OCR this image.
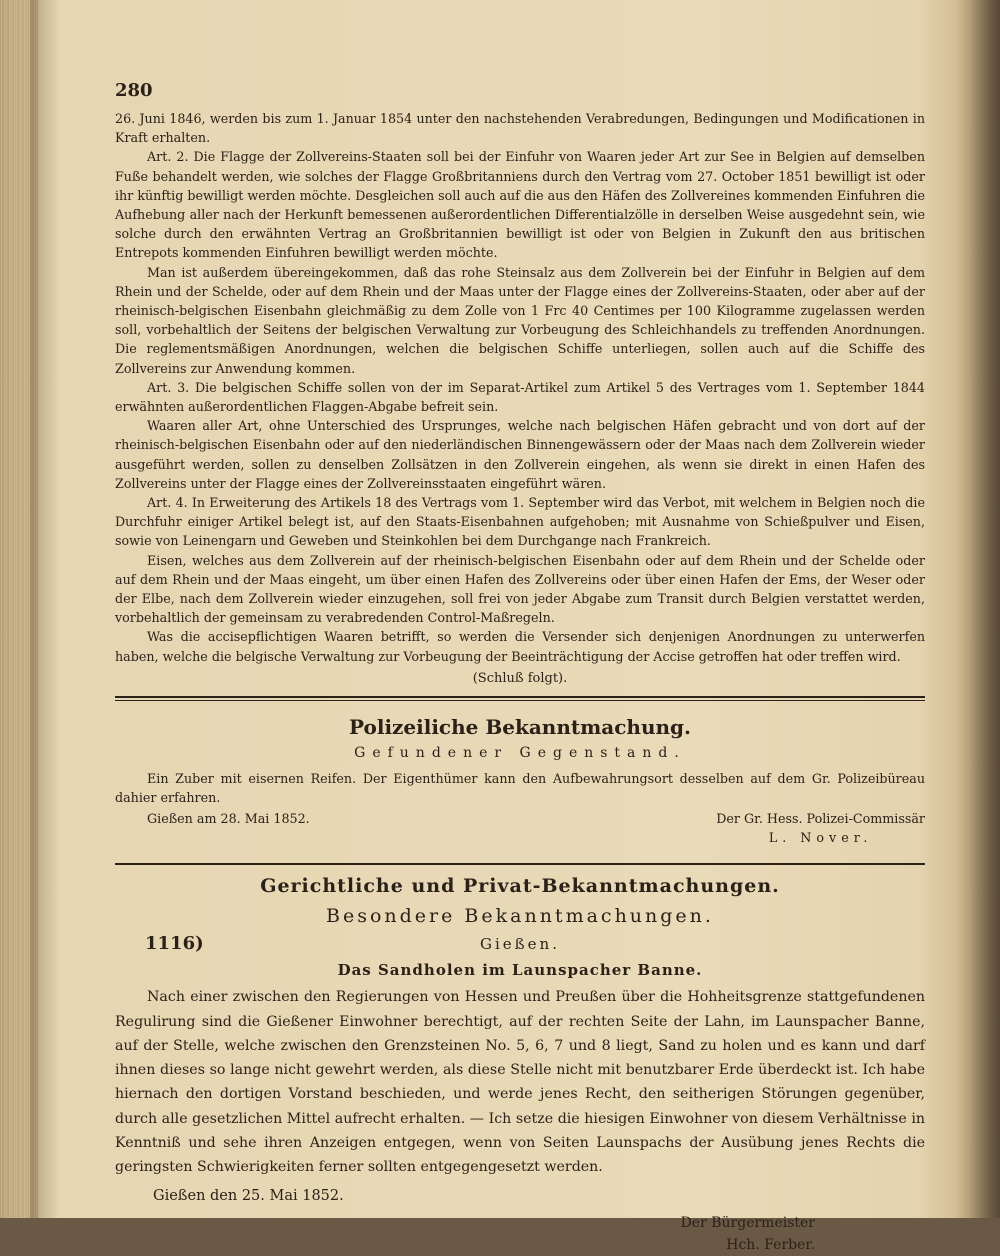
280

26. Juni 1846, werden bis zum 1. Januar 1854 unter den nachstehenden Verabredungen, Bedingungen und Modificationen in Kraft erhalten.

Art. 2. Die Flagge der Zollvereins-Staaten soll bei der Einfuhr von Waaren jeder Art zur See in Belgien auf demselben Fuße behandelt werden, wie solches der Flagge Großbritanniens durch den Vertrag vom 27. October 1851 bewilligt ist oder ihr künftig bewilligt werden möchte. Desgleichen soll auch auf die aus den Häfen des Zollvereines kommenden Einfuhren die Aufhebung aller nach der Herkunft bemessenen außerordentlichen Differentialzölle in derselben Weise ausgedehnt sein, wie solche durch den erwähnten Vertrag an Großbritannien bewilligt ist oder von Belgien in Zukunft den aus britischen Entrepots kommenden Einfuhren bewilligt werden möchte.

Man ist außerdem übereingekommen, daß das rohe Steinsalz aus dem Zollverein bei der Einfuhr in Belgien auf dem Rhein und der Schelde, oder auf dem Rhein und der Maas unter der Flagge eines der Zollvereins-Staaten, oder aber auf der rheinisch-belgischen Eisenbahn gleichmäßig zu dem Zolle von 1 Frc 40 Centimes per 100 Kilogramme zugelassen werden soll, vorbehaltlich der Seitens der belgischen Verwaltung zur Vorbeugung des Schleichhandels zu treffenden Anordnungen. Die reglementsmäßigen Anordnungen, welchen die belgischen Schiffe unterliegen, sollen auch auf die Schiffe des Zollvereins zur Anwendung kommen.

Art. 3. Die belgischen Schiffe sollen von der im Separat-Artikel zum Artikel 5 des Vertrages vom 1. September 1844 erwähnten außerordentlichen Flaggen-Abgabe befreit sein.

Waaren aller Art, ohne Unterschied des Ursprunges, welche nach belgischen Häfen gebracht und von dort auf der rheinisch-belgischen Eisenbahn oder auf den niederländischen Binnengewässern oder der Maas nach dem Zollverein wieder ausgeführt werden, sollen zu denselben Zollsätzen in den Zollverein eingehen, als wenn sie direkt in einen Hafen des Zollvereins unter der Flagge eines der Zollvereinsstaaten eingeführt wären.

Art. 4. In Erweiterung des Artikels 18 des Vertrags vom 1. September wird das Verbot, mit welchem in Belgien noch die Durchfuhr einiger Artikel belegt ist, auf den Staats-Eisenbahnen aufgehoben; mit Ausnahme von Schießpulver und Eisen, sowie von Leinengarn und Geweben und Steinkohlen bei dem Durchgange nach Frankreich.

Eisen, welches aus dem Zollverein auf der rheinisch-belgischen Eisenbahn oder auf dem Rhein und der Schelde oder auf dem Rhein und der Maas eingeht, um über einen Hafen des Zollvereins oder über einen Hafen der Ems, der Weser oder der Elbe, nach dem Zollverein wieder einzugehen, soll frei von jeder Abgabe zum Transit durch Belgien verstattet werden, vorbehaltlich der gemeinsam zu verabredenden Control-Maßregeln.

Was die accisepflichtigen Waaren betrifft, so werden die Versender sich denjenigen Anordnungen zu unterwerfen haben, welche die belgische Verwaltung zur Vorbeugung der Beeinträchtigung der Accise getroffen hat oder treffen wird.

(Schluß folgt).
Polizeiliche Bekanntmachung.
Gefundener Gegenstand.

Ein Zuber mit eisernen Reifen. Der Eigenthümer kann den Aufbewahrungsort desselben auf dem Gr. Polizeibüreau dahier erfahren.

Gießen am 28. Mai 1852.	Der Gr. Hess. Polizei-Commissär
L. Nover.
Gerichtliche und Privat-Bekanntmachungen.
Besondere Bekanntmachungen.
1116)	Gießen.
Das Sandholen im Launspacher Banne.

Nach einer zwischen den Regierungen von Hessen und Preußen über die Hohheitsgrenze stattgefundenen Regulirung sind die Gießener Einwohner berechtigt, auf der rechten Seite der Lahn, im Launspacher Banne, auf der Stelle, welche zwischen den Grenzsteinen No. 5, 6, 7 und 8 liegt, Sand zu holen und es kann und darf ihnen dieses so lange nicht gewehrt werden, als diese Stelle nicht mit benutzbarer Erde überdeckt ist. Ich habe hiernach den dortigen Vorstand beschieden, und werde jenes Recht, den seitherigen Störungen gegenüber, durch alle gesetzlichen Mittel aufrecht erhalten. — Ich setze die hiesigen Einwohner von diesem Verhältnisse in Kenntniß und sehe ihren Anzeigen entgegen, wenn von Seiten Launspachs der Ausübung jenes Rechts die geringsten Schwierigkeiten ferner sollten entgegengesetzt werden.

Gießen den 25. Mai 1852.
Der Bürgermeister
Hch. Ferber.
